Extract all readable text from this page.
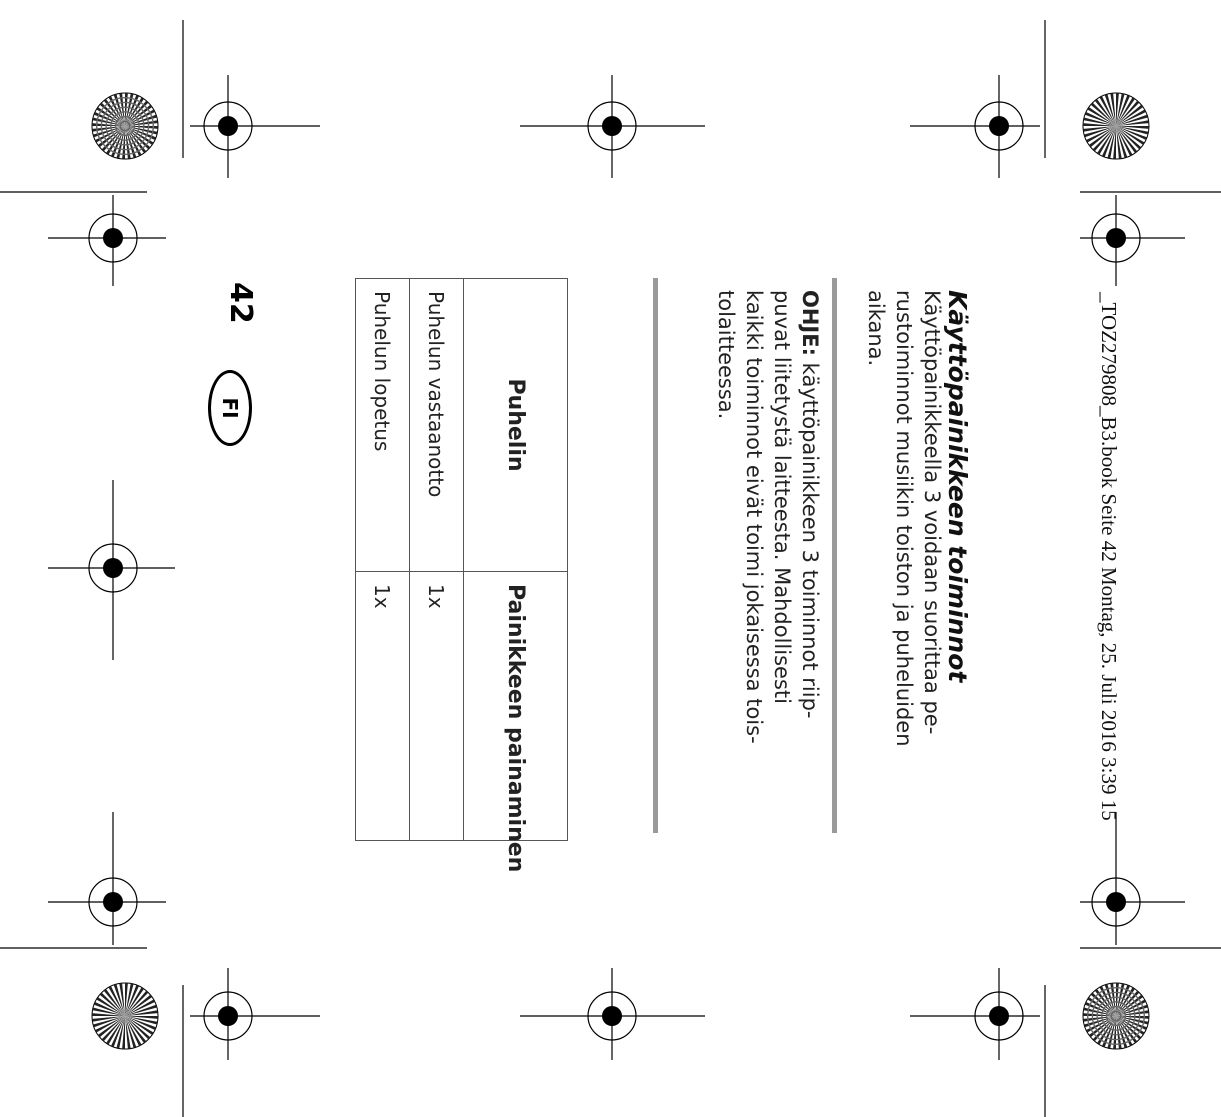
_TOZ279808_B3.book Seite 42 Montag, 25. Juli 2016 3:39 15
Käyttöpainikkeen toiminnot
Käyttöpainikkeella 3 voidaan suorittaa pe-
rustoiminnot musiikin toiston ja puheluiden
aikana.
OHJE: käyttöpainikkeen 3 toiminnot riip-
puvat liitetystä laitteesta. Mahdollisesti
kaikki toiminnot eivät toimi jokaisessa tois-
tolaitteessa.
Puhelin	Painikkeen painaminen
Puhelun vastaanotto	1x
Puhelun lopetus	1x
42
FI
